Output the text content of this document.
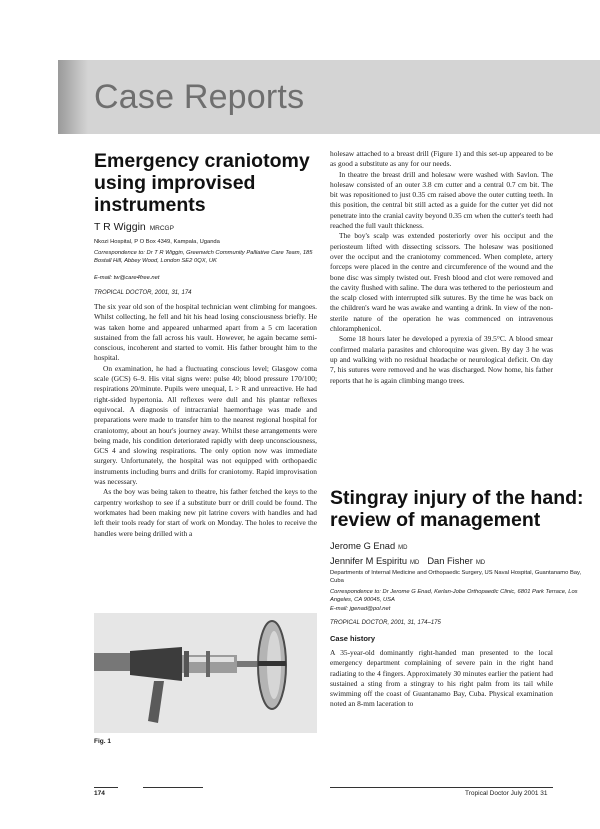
Case Reports
Emergency craniotomy using improvised instruments
T R Wiggin MRCGP
Nkozi Hospital, P O Box 4349, Kampala, Uganda
Correspondence to: Dr T R Wiggin, Greenwich Community Palliative Care Team, 185 Bostall Hill, Abbey Wood, London SE2 0QX, UK
E-mail: tw@care4free.net
TROPICAL DOCTOR, 2001, 31, 174

The six year old son of the hospital technician went climbing for mangoes. Whilst collecting, he fell and hit his head losing consciousness briefly. He was taken home and appeared unharmed apart from a 5 cm laceration sustained from the fall across his vault. However, he again became semi-conscious, incoherent and started to vomit. His father brought him to the hospital.

On examination, he had a fluctuating conscious level; Glasgow coma scale (GCS) 6–9. His vital signs were: pulse 40; blood pressure 170/100; respirations 20/minute. Pupils were unequal, L > R and unreactive. He had right-sided hypertonia. All reflexes were dull and his plantar reflexes equivocal. A diagnosis of intracranial haemorrhage was made and preparations were made to transfer him to the nearest regional hospital for craniotomy, about an hour's journey away. Whilst these arrangements were being made, his condition deteriorated rapidly with deep unconsciousness, GCS 4 and slowing respirations. The only option now was immediate surgery. Unfortunately, the hospital was not equipped with orthopaedic instruments including burrs and drills for craniotomy. Rapid improvisation was necessary.

As the boy was being taken to theatre, his father fetched the keys to the carpentry workshop to see if a substitute burr or drill could be found. The workmates had been making new pit latrine covers with handles and had left their tools ready for start of work on Monday. The holes to receive the handles were being drilled with a

holesaw attached to a breast drill (Figure 1) and this set-up appeared to be as good a substitute as any for our needs.

In theatre the breast drill and holesaw were washed with Savlon. The holesaw consisted of an outer 3.8 cm cutter and a central 0.7 cm bit. The bit was repositioned to just 0.35 cm raised above the outer cutting teeth. In this position, the central bit still acted as a guide for the cutter yet did not penetrate into the cranial cavity beyond 0.35 cm when the cutter's teeth had reached the full vault thickness.

The boy's scalp was extended posteriorly over his occiput and the periosteum lifted with dissecting scissors. The holesaw was positioned over the occiput and the craniotomy commenced. When complete, artery forceps were placed in the centre and circumference of the wound and the bone disc was simply twisted out. Fresh blood and clot were removed and the cavity flushed with saline. The dura was tethered to the periosteum and the scalp closed with interrupted silk sutures. By the time he was back on the children's ward he was awake and wanting a drink. In view of the non-sterile nature of the operation he was commenced on intravenous chloramphenicol.

Some 18 hours later he developed a pyrexia of 39.5°C. A blood smear confirmed malaria parasites and chloroquine was given. By day 3 he was up and walking with no residual headache or neurological deficit. On day 7, his sutures were removed and he was discharged. Now home, his father reports that he is again climbing mango trees.

Fig. 1
Stingray injury of the hand: review of management
Jerome G Enad MD
Jennifer M Espiritu MD Dan Fisher MD
Departments of Internal Medicine and Orthopaedic Surgery, US Naval Hospital, Guantanamo Bay, Cuba
Correspondence to: Dr Jerome G Enad, Kerlan-Jobe Orthopaedic Clinic, 6801 Park Terrace, Los Angeles, CA 90045, USA
E-mail: jgenad@pol.net
TROPICAL DOCTOR, 2001, 31, 174–175
Case history

A 35-year-old dominantly right-handed man presented to the local emergency department complaining of severe pain in the right hand radiating to the 4 fingers. Approximately 30 minutes earlier the patient had sustained a sting from a stingray to his right palm from its tail while swimming off the coast of Guantanamo Bay, Cuba. Physical examination noted an 8-mm laceration to

174	Tropical Doctor July 2001 31
